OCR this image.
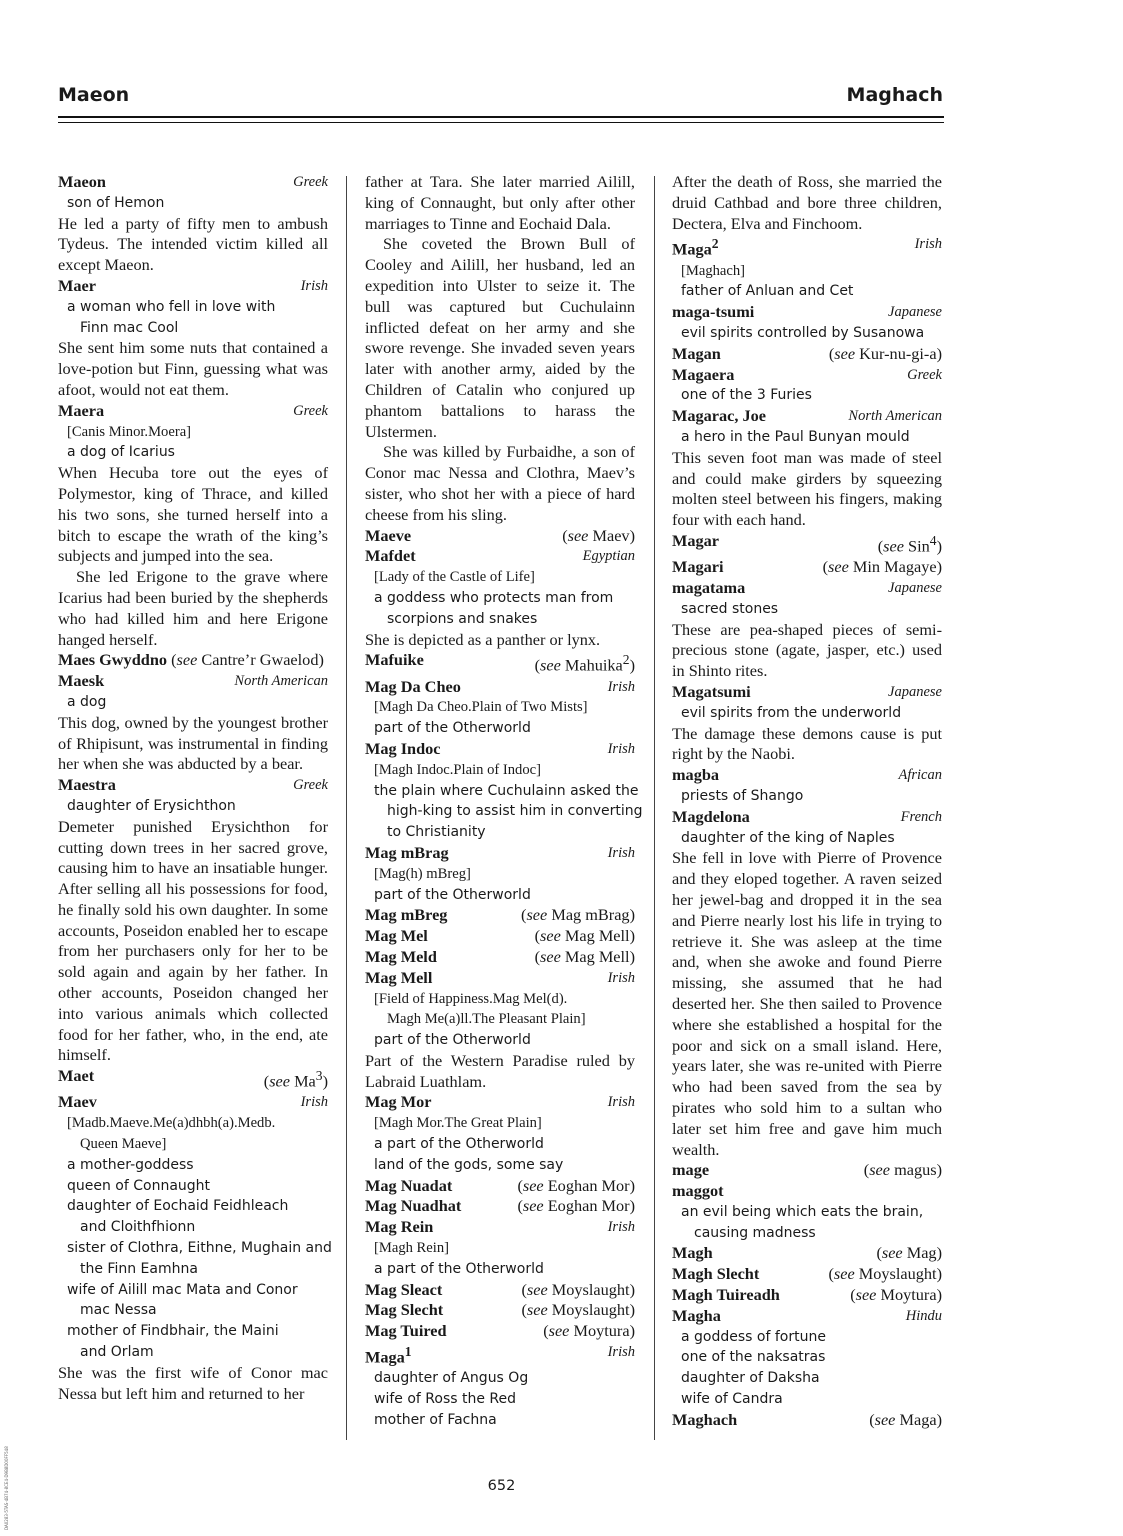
Maeon	Maghach
Maeon	Greek
son of Hemon
He led a party of fifty men to ambush Tydeus. The intended victim killed all except Maeon.
Maer	Irish
a woman who fell in love with
Finn mac Cool
She sent him some nuts that contained a love-potion but Finn, guessing what was afoot, would not eat them.
Maera	Greek
[Canis Minor.Moera]
a dog of Icarius
When Hecuba tore out the eyes of Polymestor, king of Thrace, and killed his two sons, she turned herself into a bitch to escape the wrath of the king’s subjects and jumped into the sea.
She led Erigone to the grave where Icarius had been buried by the shepherds who had killed him and here Erigone hanged herself.
Maes Gwyddno (see Cantre’r Gwaelod)
Maesk	North American
a dog
This dog, owned by the youngest brother of Rhipisunt, was instrumental in finding her when she was abducted by a bear.
Maestra	Greek
daughter of Erysichthon
Demeter punished Erysichthon for cutting down trees in her sacred grove, causing him to have an insatiable hunger. After selling all his possessions for food, he finally sold his own daughter. In some accounts, Poseidon enabled her to escape from her purchasers only for her to be sold again and again by her father. In other accounts, Poseidon changed her into various animals which collected food for her father, who, in the end, ate himself.
Maet	(see Ma$^3$)
Maev	Irish
[Madb.Maeve.Me(a)dhbh(a).Medb.
Queen Maeve]
a mother-goddess
queen of Connaught
daughter of Eochaid Feidhleach
and Cloithfhionn
sister of Clothra, Eithne, Mughain and
the Finn Eamhna
wife of Ailill mac Mata and Conor
mac Nessa
mother of Findbhair, the Maini
and Orlam
She was the first wife of Conor mac Nessa but left him and returned to her
father at Tara. She later married Ailill, king of Connaught, but only after other marriages to Tinne and Eochaid Dala.
She coveted the Brown Bull of Cooley and Ailill, her husband, led an expedition into Ulster to seize it. The bull was captured but Cuchulainn inflicted defeat on her army and she swore revenge. She invaded seven years later with another army, aided by the Children of Catalin who conjured up phantom battalions to harass the Ulstermen.
She was killed by Furbaidhe, a son of Conor mac Nessa and Clothra, Maev’s sister, who shot her with a piece of hard cheese from his sling.
Maeve	(see Maev)
Mafdet	Egyptian
[Lady of the Castle of Life]
a goddess who protects man from
scorpions and snakes
She is depicted as a panther or lynx.
Mafuike	(see Mahuika$^2$)
Mag Da Cheo	Irish
[Magh Da Cheo.Plain of Two Mists]
part of the Otherworld
Mag Indoc	Irish
[Magh Indoc.Plain of Indoc]
the plain where Cuchulainn asked the
high-king to assist him in converting
to Christianity
Mag mBrag	Irish
[Mag(h) mBreg]
part of the Otherworld
Mag mBreg	(see Mag mBrag)
Mag Mel	(see Mag Mell)
Mag Meld	(see Mag Mell)
Mag Mell	Irish
[Field of Happiness.Mag Mel(d).
Magh Me(a)ll.The Pleasant Plain]
part of the Otherworld
Part of the Western Paradise ruled by Labraid Luathlam.
Mag Mor	Irish
[Magh Mor.The Great Plain]
a part of the Otherworld
land of the gods, some say
Mag Nuadat	(see Eoghan Mor)
Mag Nuadhat	(see Eoghan Mor)
Mag Rein	Irish
[Magh Rein]
a part of the Otherworld
Mag Sleact	(see Moyslaught)
Mag Slecht	(see Moyslaught)
Mag Tuired	(see Moytura)
Maga$^1$	Irish
daughter of Angus Og
wife of Ross the Red
mother of Fachna
After the death of Ross, she married the druid Cathbad and bore three children, Dectera, Elva and Finchoom.
Maga$^2$	Irish
[Maghach]
father of Anluan and Cet
maga-tsumi	Japanese
evil spirits controlled by Susanowa
Magan	(see Kur-nu-gi-a)
Magaera	Greek
one of the 3 Furies
Magarac, Joe	North American
a hero in the Paul Bunyan mould
This seven foot man was made of steel and could make girders by squeezing molten steel between his fingers, making four with each hand.
Magar	(see Sin$^4$)
Magari	(see Min Magaye)
magatama	Japanese
sacred stones
These are pea-shaped pieces of semi-precious stone (agate, jasper, etc.) used in Shinto rites.
Magatsumi	Japanese
evil spirits from the underworld
The damage these demons cause is put right by the Naobi.
magba	African
priests of Shango
Magdelona	French
daughter of the king of Naples
She fell in love with Pierre of Provence and they eloped together. A raven seized her jewel-bag and dropped it in the sea and Pierre nearly lost his life in trying to retrieve it. She was asleep at the time and, when she awoke and found Pierre missing, she assumed that he had deserted her. She then sailed to Provence where she established a hospital for the poor and sick on a small island. Here, years later, she was re-united with Pierre who had been saved from the sea by pirates who sold him to a sultan who later set him free and gave him much wealth.
mage	(see magus)
maggot
an evil being which eats the brain,
causing madness
Magh	(see Mag)
Magh Slecht	(see Moyslaught)
Magh Tuireadh	(see Moytura)
Magha	Hindu
a goddess of fortune
one of the naksatras
daughter of Daksha
wife of Candra
Maghach	(see Maga)
652
DA0283-5TAS-4B74-8CE4-D9B8D00FF548
